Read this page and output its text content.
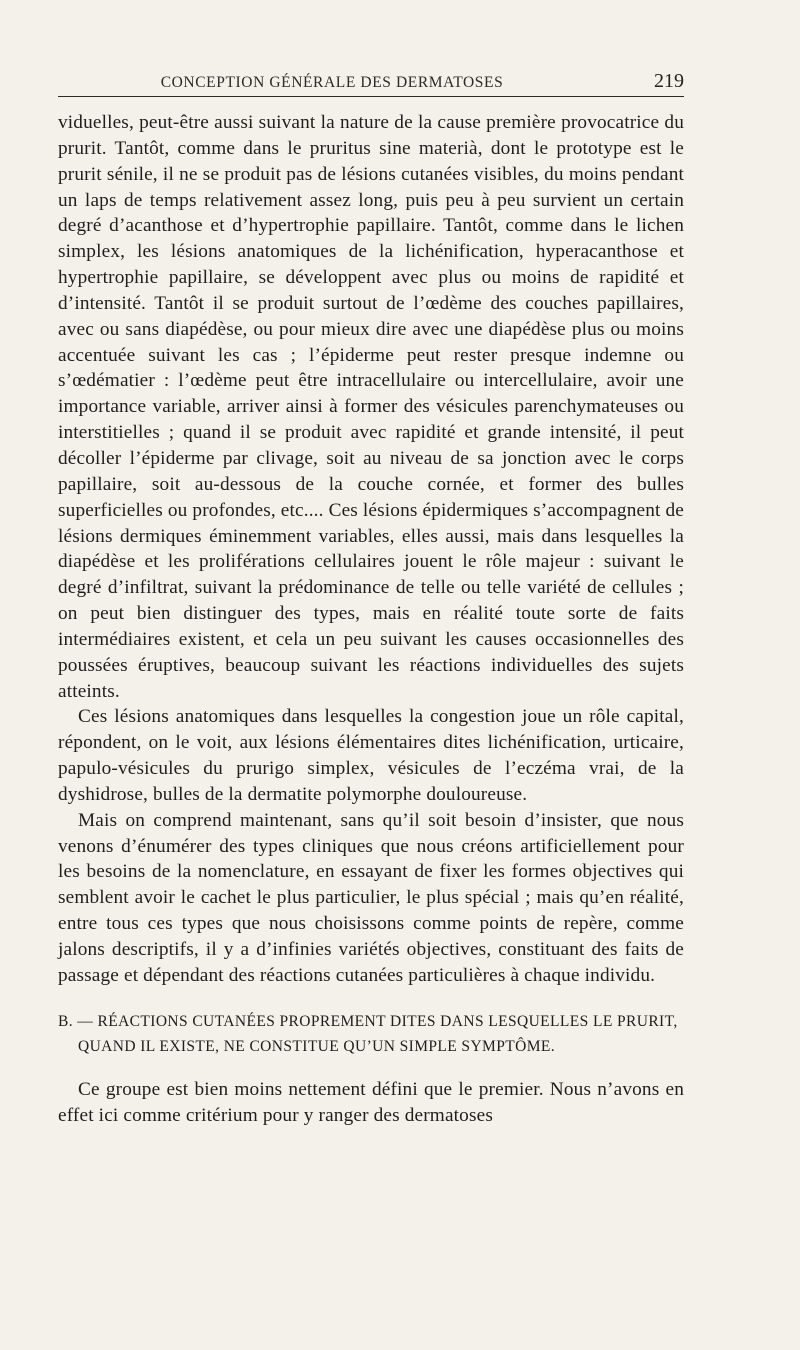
CONCEPTION GÉNÉRALE DES DERMATOSES	219

viduelles, peut-être aussi suivant la nature de la cause première provocatrice du prurit. Tantôt, comme dans le pruritus sine materià, dont le prototype est le prurit sénile, il ne se produit pas de lésions cutanées visibles, du moins pendant un laps de temps relativement assez long, puis peu à peu survient un certain degré d’acanthose et d’hypertrophie papillaire. Tantôt, comme dans le lichen simplex, les lésions anatomiques de la lichénification, hyperacanthose et hypertrophie papillaire, se développent avec plus ou moins de rapidité et d’intensité. Tantôt il se produit surtout de l’œdème des couches papillaires, avec ou sans diapédèse, ou pour mieux dire avec une diapédèse plus ou moins accentuée suivant les cas ; l’épiderme peut rester presque indemne ou s’œdématier : l’œdème peut être intracellulaire ou intercellulaire, avoir une importance variable, arriver ainsi à former des vésicules parenchymateuses ou interstitielles ; quand il se produit avec rapidité et grande intensité, il peut décoller l’épiderme par clivage, soit au niveau de sa jonction avec le corps papillaire, soit au-dessous de la couche cornée, et former des bulles superficielles ou profondes, etc.... Ces lésions épidermiques s’accompagnent de lésions dermiques éminemment variables, elles aussi, mais dans lesquelles la diapédèse et les proliférations cellulaires jouent le rôle majeur : suivant le degré d’infiltrat, suivant la prédominance de telle ou telle variété de cellules ; on peut bien distinguer des types, mais en réalité toute sorte de faits intermédiaires existent, et cela un peu suivant les causes occasionnelles des poussées éruptives, beaucoup suivant les réactions individuelles des sujets atteints.

Ces lésions anatomiques dans lesquelles la congestion joue un rôle capital, répondent, on le voit, aux lésions élémentaires dites lichénification, urticaire, papulo-vésicules du prurigo simplex, vésicules de l’eczéma vrai, de la dyshidrose, bulles de la dermatite polymorphe douloureuse.

Mais on comprend maintenant, sans qu’il soit besoin d’insister, que nous venons d’énumérer des types cliniques que nous créons artificiellement pour les besoins de la nomenclature, en essayant de fixer les formes objectives qui semblent avoir le cachet le plus particulier, le plus spécial ; mais qu’en réalité, entre tous ces types que nous choisissons comme points de repère, comme jalons descriptifs, il y a d’infinies variétés objectives, constituant des faits de passage et dépendant des réactions cutanées particulières à chaque individu.

B. — RÉACTIONS CUTANÉES PROPREMENT DITES DANS LESQUELLES LE PRURIT,
QUAND IL EXISTE, NE CONSTITUE QU’UN SIMPLE SYMPTÔME.

Ce groupe est bien moins nettement défini que le premier. Nous n’avons en effet ici comme critérium pour y ranger des dermatoses
